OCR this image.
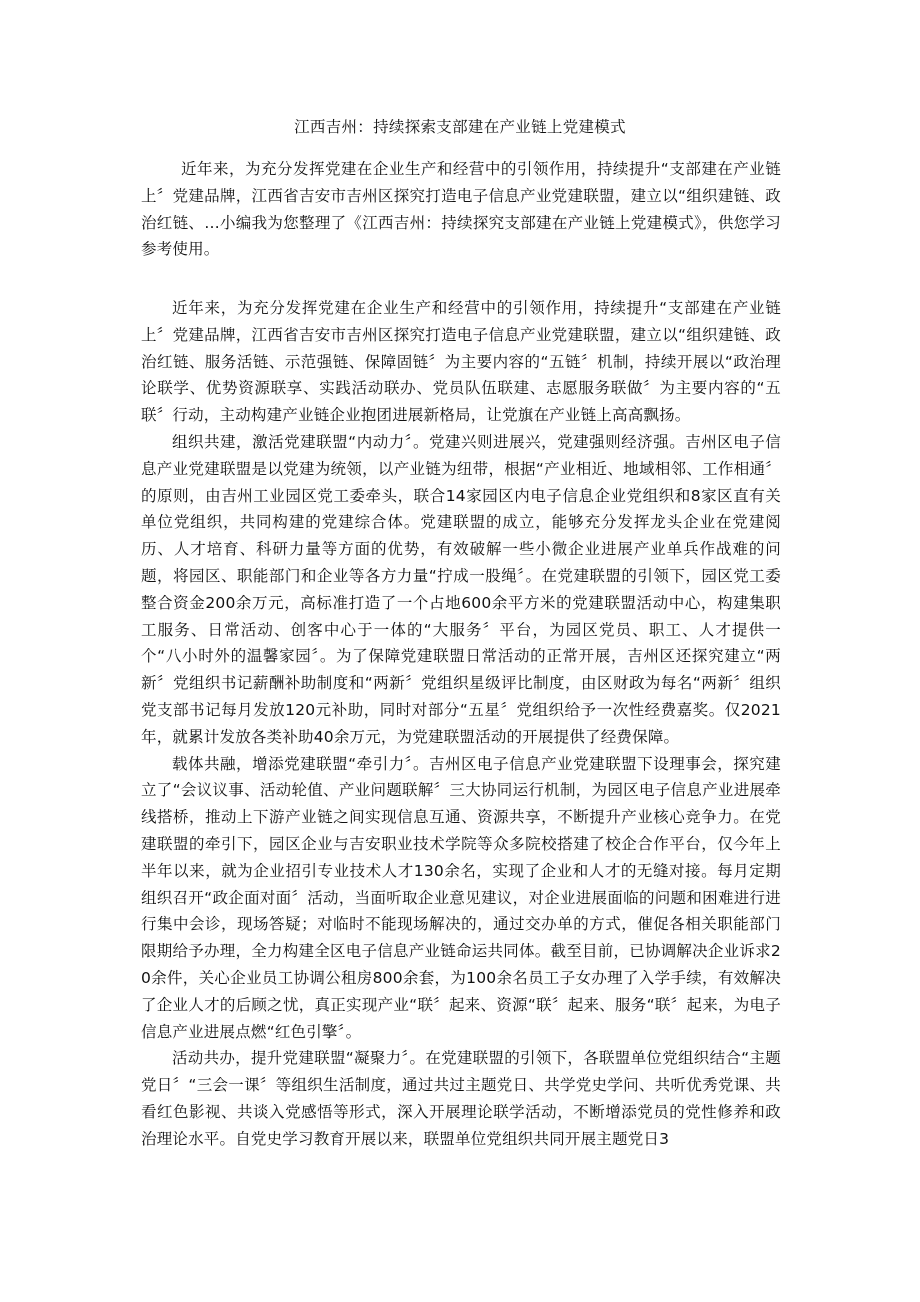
江西吉州：持续探索支部建在产业链上党建模式

近年来，为充分发挥党建在企业生产和经营中的引领作用，持续提升“支部建在产业链上〞党建品牌，江西省吉安市吉州区探究打造电子信息产业党建联盟，建立以“组织建链、政治红链、…小编我为您整理了《江西吉州：持续探究支部建在产业链上党建模式》，供您学习参考使用。

近年来，为充分发挥党建在企业生产和经营中的引领作用，持续提升“支部建在产业链上〞党建品牌，江西省吉安市吉州区探究打造电子信息产业党建联盟，建立以“组织建链、政治红链、服务活链、示范强链、保障固链〞为主要内容的“五链〞机制，持续开展以“政治理论联学、优势资源联享、实践活动联办、党员队伍联建、志愿服务联做〞为主要内容的“五联〞行动，主动构建产业链企业抱团进展新格局，让党旗在产业链上高高飘扬。

组织共建，激活党建联盟“内动力〞。党建兴则进展兴，党建强则经济强。吉州区电子信息产业党建联盟是以党建为统领，以产业链为纽带，根据“产业相近、地域相邻、工作相通〞的原则，由吉州工业园区党工委牵头，联合14家园区内电子信息企业党组织和8家区直有关单位党组织，共同构建的党建综合体。党建联盟的成立，能够充分发挥龙头企业在党建阅历、人才培育、科研力量等方面的优势，有效破解一些小微企业进展产业单兵作战难的问题，将园区、职能部门和企业等各方力量“拧成一股绳〞。在党建联盟的引领下，园区党工委整合资金200余万元，高标准打造了一个占地600余平方米的党建联盟活动中心，构建集职工服务、日常活动、创客中心于一体的“大服务〞平台，为园区党员、职工、人才提供一个“八小时外的温馨家园〞。为了保障党建联盟日常活动的正常开展，吉州区还探究建立“两新〞党组织书记薪酬补助制度和“两新〞党组织星级评比制度，由区财政为每名“两新〞组织党支部书记每月发放120元补助，同时对部分“五星〞党组织给予一次性经费嘉奖。仅2021年，就累计发放各类补助40余万元，为党建联盟活动的开展提供了经费保障。

载体共融，增添党建联盟“牵引力〞。吉州区电子信息产业党建联盟下设理事会，探究建立了“会议议事、活动轮值、产业问题联解〞三大协同运行机制，为园区电子信息产业进展牵线搭桥，推动上下游产业链之间实现信息互通、资源共享，不断提升产业核心竞争力。在党建联盟的牵引下，园区企业与吉安职业技术学院等众多院校搭建了校企合作平台，仅今年上半年以来，就为企业招引专业技术人才130余名，实现了企业和人才的无缝对接。每月定期组织召开“政企面对面〞活动，当面听取企业意见建议，对企业进展面临的问题和困难进行进行集中会诊，现场答疑；对临时不能现场解决的，通过交办单的方式，催促各相关职能部门限期给予办理，全力构建全区电子信息产业链命运共同体。截至目前，已协调解决企业诉求20余件，关心企业员工协调公租房800余套，为100余名员工子女办理了入学手续，有效解决了企业人才的后顾之忧，真正实现产业“联〞起来、资源“联〞起来、服务“联〞起来，为电子信息产业进展点燃“红色引擎〞。

活动共办，提升党建联盟“凝聚力〞。在党建联盟的引领下，各联盟单位党组织结合“主题党日〞“三会一课〞等组织生活制度，通过共过主题党日、共学党史学问、共听优秀党课、共看红色影视、共谈入党感悟等形式，深入开展理论联学活动，不断增添党员的党性修养和政治理论水平。自党史学习教育开展以来，联盟单位党组织共同开展主题党日3
